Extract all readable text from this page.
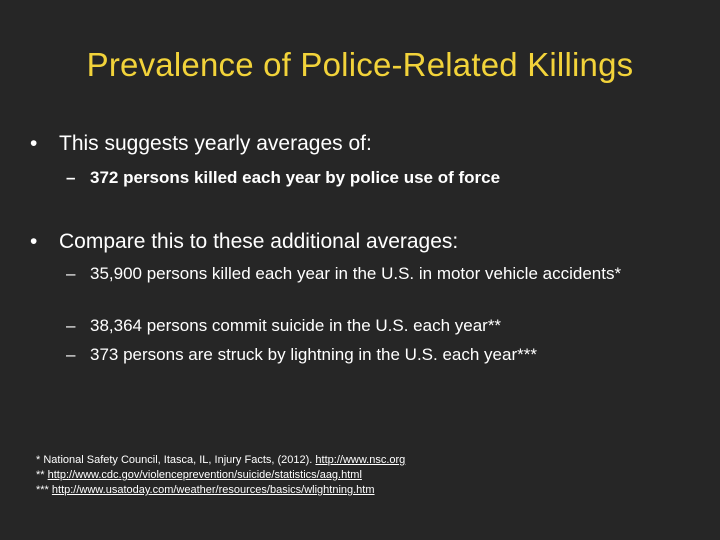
Prevalence of Police-Related Killings
•	This suggests yearly averages of:
– 372 persons killed each year by police use of force
•	Compare this to these additional averages:
– 35,900 persons killed each year in the U.S. in motor vehicle accidents*
– 38,364 persons commit suicide in the U.S. each year**
– 373 persons are struck by lightning in the U.S. each year***
* National Safety Council, Itasca, IL, Injury Facts, (2012). http://www.nsc.org
** http://www.cdc.gov/violenceprevention/suicide/statistics/aag.html
*** http://www.usatoday.com/weather/resources/basics/wlightning.htm
